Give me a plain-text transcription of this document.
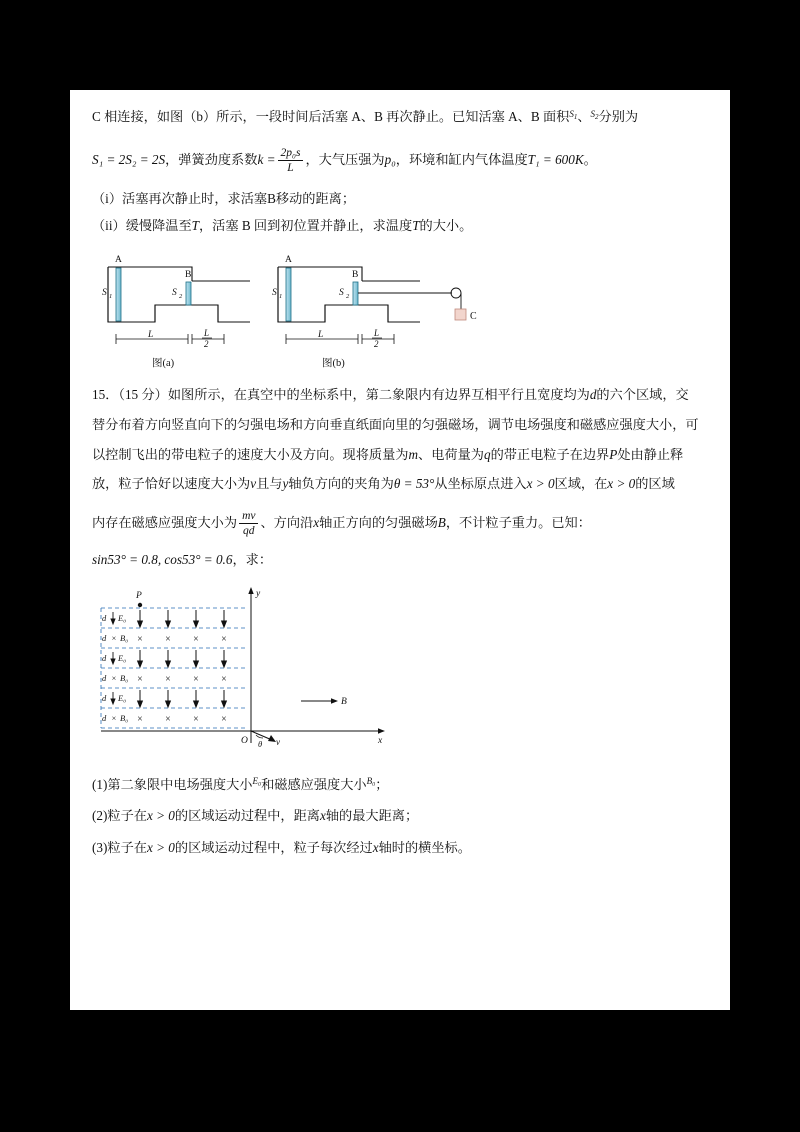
C 相连接，如图（b）所示，一段时间后活塞 A、B 再次静止。已知活塞 A、B 面积$S_1$、$S_2$分别为
S₁ = 2S₂ = 2S，弹簧劲度系数$k = \frac{\text{2p₀s}}{L}$ ，大气压强为p₀，环境和缸内气体温度T₁ = 600K。
（i）活塞再次静止时，求活塞B移动的距离；
（ii）缓慢降温至T，活塞 B 回到初位置并静止，求温度T的大小。
A
B
S 1	S 2
L	L
2
图(a)
C
A
B
S 1	S 2
L	L
2
图(b)
15．（15 分）如图所示，在真空中的坐标系中，第二象限内有边界互相平行且宽度均为d的六个区域，交
替分布着方向竖直向下的匀强电场和方向垂直纸面向里的匀强磁场，调节电场强度和磁感应强度大小，可
以控制飞出的带电粒子的速度大小及方向。现将质量为m、电荷量为q的带正电粒子在边界P处由静止释
放，粒子恰好以速度大小为v且与y轴负方向的夹角为θ = 53°从坐标原点进入x > 0区域，在x > 0的区域
内存在磁感应强度大小为 $\frac{mv}{qd}$ 、方向沿x轴正方向的匀强磁场B，不计粒子重力。已知：
sin53° = 0.8, cos53° = 0.6，求：
y
x
O
P
× × × ×
× × × ×
× × × ×
d
d
d
d
d
d
E₀
E₀
E₀
× B₀
× B₀
× B₀
B
v
θ
(1)第二象限中电场强度大小E₀和磁感应强度大小B₀；
(2)粒子在x > 0的区域运动过程中，距离x轴的最大距离；
(3)粒子在x > 0的区域运动过程中，粒子每次经过x轴时的横坐标。
